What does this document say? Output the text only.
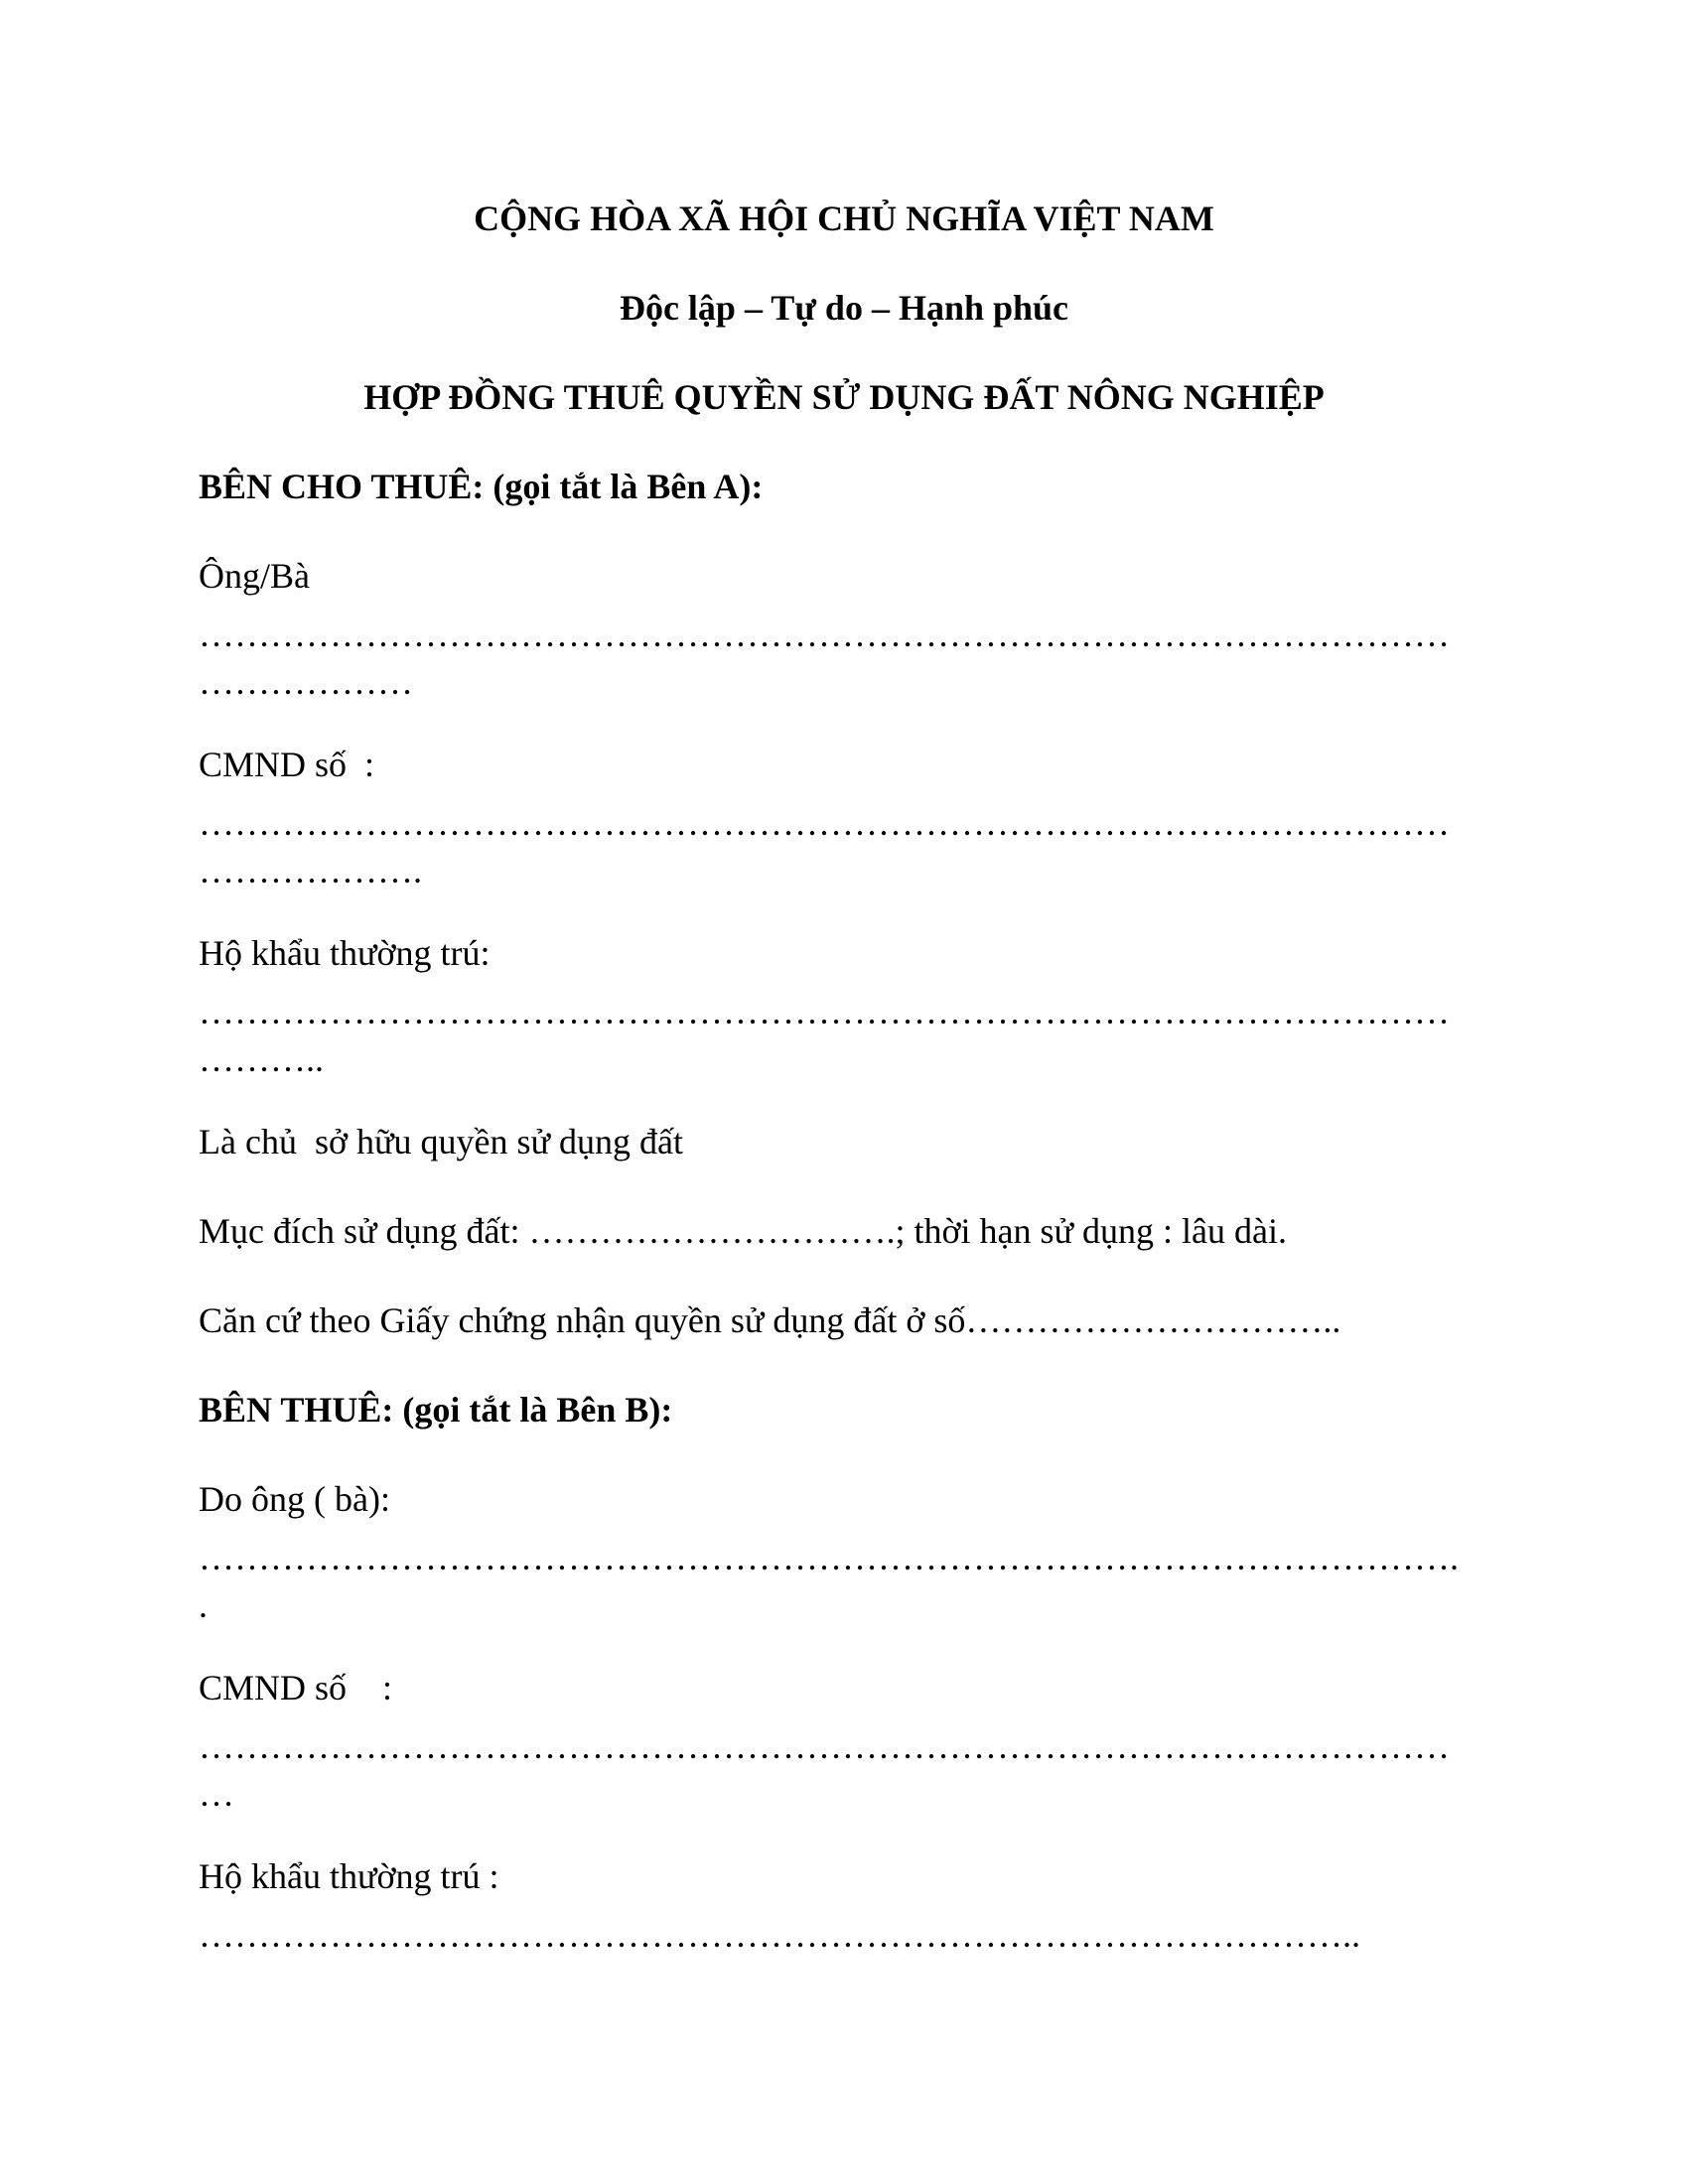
CỘNG HÒA XÃ HỘI CHỦ NGHĨA VIỆT NAM

Độc lập – Tự do – Hạnh phúc

HỢP ĐỒNG THUÊ QUYỀN SỬ DỤNG ĐẤT NÔNG NGHIỆP

BÊN CHO THUÊ: (gọi tắt là Bên A):

Ông/Bà

……………………………………………………………………………………………

………………

CMND số  :

……………………………………………………………………………………………

……………….

Hộ khẩu thường trú:

……………………………………………………………………………………………

………..

Là chủ  sở hữu quyền sử dụng đất

Mục đích sử dụng đất: ………………………….; thời hạn sử dụng : lâu dài.

Căn cứ theo Giấy chứng nhận quyền sử dụng đất ở số…………………………..

BÊN THUÊ: (gọi tắt là Bên B):

Do ông ( bà):

…………………………………………………………………………………………….

.

CMND số    :

……………………………………………………………………………………………

…

Hộ khẩu thường trú :

……………………………………………………………………………………..
